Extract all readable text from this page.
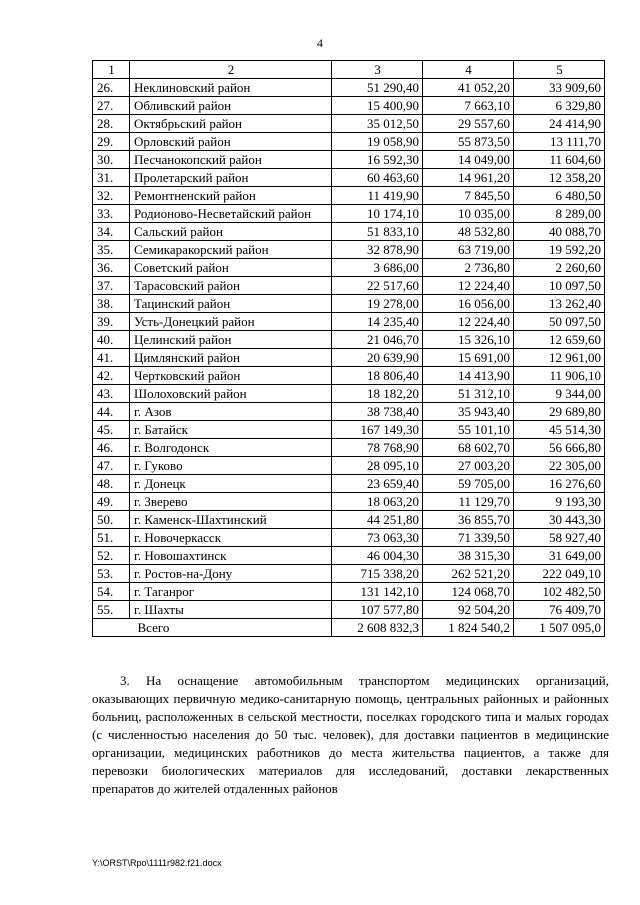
4
1	2	3	4	5
26.	Неклиновский район	51 290,40	41 052,20	33 909,60
27.	Обливский район	15 400,90	7 663,10	6 329,80
28.	Октябрьский район	35 012,50	29 557,60	24 414,90
29.	Орловский район	19 058,90	55 873,50	13 111,70
30.	Песчанокопский район	16 592,30	14 049,00	11 604,60
31.	Пролетарский район	60 463,60	14 961,20	12 358,20
32.	Ремонтненский район	11 419,90	7 845,50	6 480,50
33.	Родионово-Несветайский район	10 174,10	10 035,00	8 289,00
34.	Сальский район	51 833,10	48 532,80	40 088,70
35.	Семикаракорский район	32 878,90	63 719,00	19 592,20
36.	Советский район	3 686,00	2 736,80	2 260,60
37.	Тарасовский район	22 517,60	12 224,40	10 097,50
38.	Тацинский район	19 278,00	16 056,00	13 262,40
39.	Усть-Донецкий район	14 235,40	12 224,40	50 097,50
40.	Целинский район	21 046,70	15 326,10	12 659,60
41.	Цимлянский район	20 639,90	15 691,00	12 961,00
42.	Чертковский район	18 806,40	14 413,90	11 906,10
43.	Шолоховский район	18 182,20	51 312,10	9 344,00
44.	г. Азов	38 738,40	35 943,40	29 689,80
45.	г. Батайск	167 149,30	55 101,10	45 514,30
46.	г. Волгодонск	78 768,90	68 602,70	56 666,80
47.	г. Гуково	28 095,10	27 003,20	22 305,00
48.	г. Донецк	23 659,40	59 705,00	16 276,60
49.	г. Зверево	18 063,20	11 129,70	9 193,30
50.	г. Каменск-Шахтинский	44 251,80	36 855,70	30 443,30
51.	г. Новочеркасск	73 063,30	71 339,50	58 927,40
52.	г. Новошахтинск	46 004,30	38 315,30	31 649,00
53.	г. Ростов-на-Дону	715 338,20	262 521,20	222 049,10
54.	г. Таганрог	131 142,10	124 068,70	102 482,50
55.	г. Шахты	107 577,80	92 504,20	76 409,70
	Всего	2 608 832,3	1 824 540,2	1 507 095,0

3. На оснащение автомобильным транспортом медицинских организаций, оказывающих первичную медико-санитарную помощь, центральных районных и районных больниц, расположенных в сельской местности, поселках городского типа и малых городах (с численностью населения до 50 тыс. человек), для доставки пациентов в медицинские организации, медицинских работников до места жительства пациентов, а также для перевозки биологических материалов для исследований, доставки лекарственных препаратов до жителей отдаленных районов

Y:\ORST\Rpo\1111r982.f21.docx
